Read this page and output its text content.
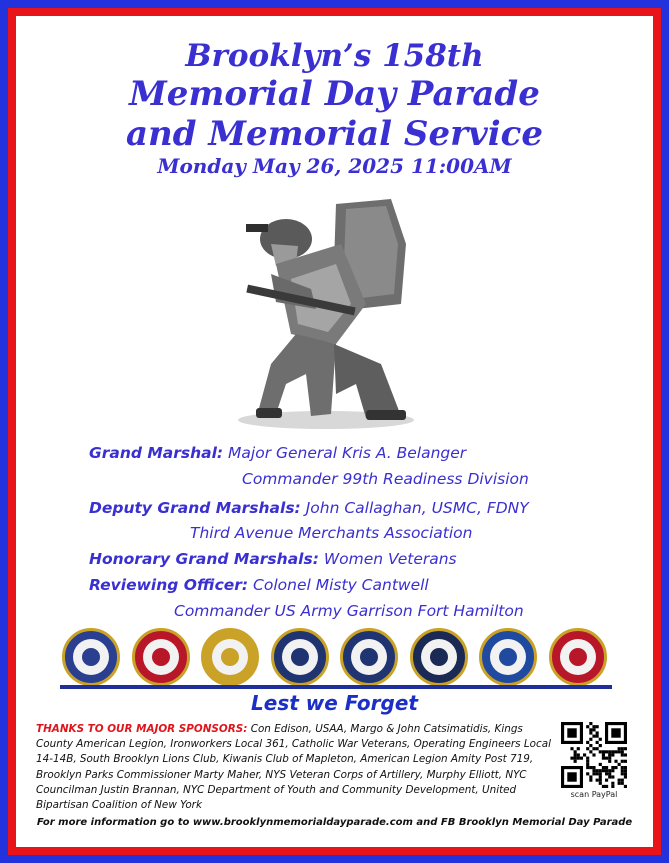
Brooklyn’s 158th
Memorial Day Parade
and Memorial Service
Monday May 26, 2025 11:00AM
Grand Marshal: Major General Kris A. Belanger
Commander 99th Readiness Division
Deputy Grand Marshals: John Callaghan, USMC, FDNY
Third Avenue Merchants Association
Honorary Grand Marshals: Women Veterans
Reviewing Officer: Colonel Misty Cantwell
Commander US Army Garrison Fort Hamilton
Lest we Forget
THANKS TO OUR MAJOR SPONSORS: Con Edison, USAA, Margo & John Catsimatidis, Kings County American Legion, Ironworkers Local 361, Catholic War Veterans, Operating Engineers Local 14-14B, South Brooklyn Lions Club, Kiwanis Club of Mapleton, American Legion Amity Post 719, Brooklyn Parks Commissioner Marty Maher, NYS Veteran Corps of Artillery, Murphy Elliott, NYC Councilman Justin Brannan, NYC Department of Youth and Community Development, United Bipartisan Coalition of New York
scan PayPal
For more information go to www.brooklynmemorialdayparade.com and FB Brooklyn Memorial Day Parade
